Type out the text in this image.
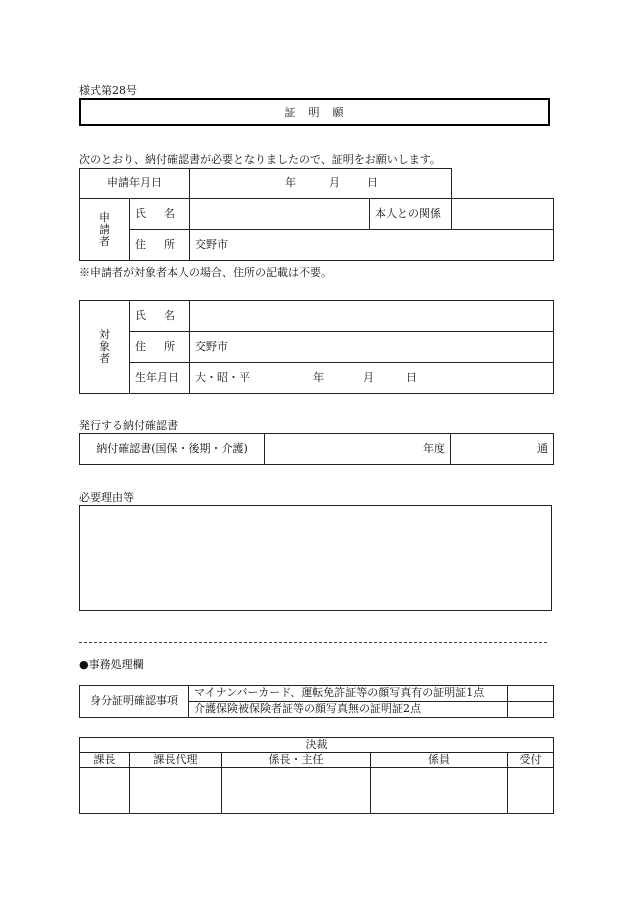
様式第28号
証　明　願
次のとおり、納付確認書が必要となりましたので、証明をお願いします。
申請年月日		年 月 日		

申
請
者	氏 名		本人との関係	
	住 所	交野市		
※申請者が対象者本人の場合、住所の記載は不要。
対
象
者	氏 名	
	住 所	交野市
	生年月日	大・昭・平 年 月 日
発行する納付確認書
納付確認書(国保・後期・介護)	年度	通
必要理由等
●事務処理欄
身分証明確認事項	マイナンバーカード、運転免許証等の顔写真有の証明証1点	
	介護保険被保険者証等の顔写真無の証明証2点	
決裁				
課長	課長代理	係長・主任	係員	受付
